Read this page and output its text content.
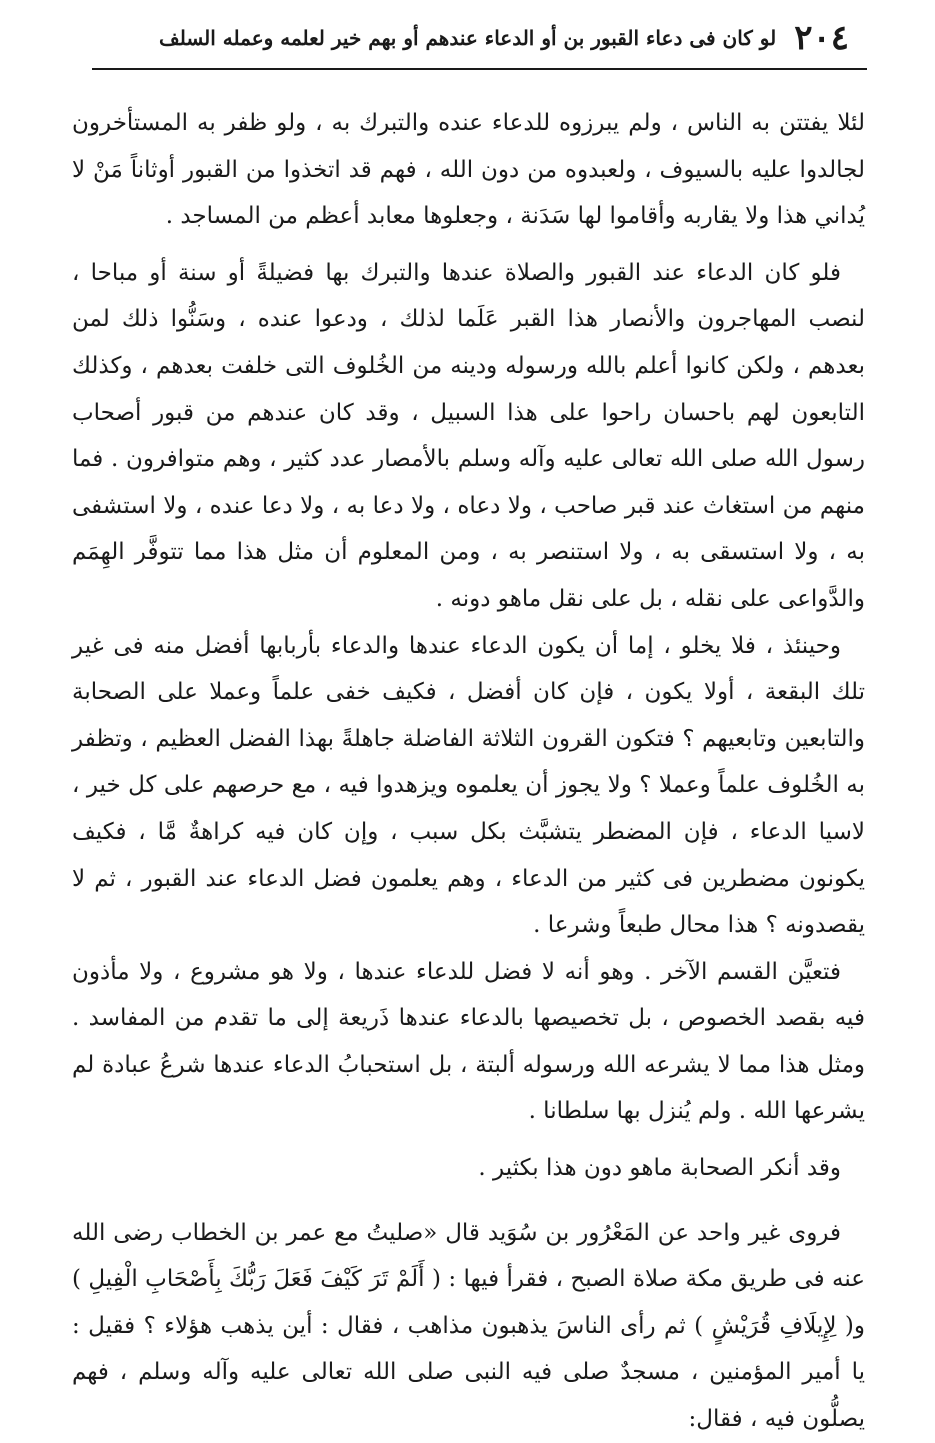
٢٠٤
لو كان فى دعاء القبور بن أو الدعاء عندهم أو بهم خير لعلمه وعمله السلف

لئلا يفتتن به الناس ، ولم يبرزوه للدعاء عنده والتبرك به ، ولو ظفر به المستأخرون لجالدوا عليه بالسيوف ، ولعبدوه من دون الله ، فهم قد اتخذوا من القبور أوثاناً مَنْ لا يُداني هذا ولا يقاربه وأقاموا لها سَدَنة ، وجعلوها معابد أعظم من المساجد .

فلو كان الدعاء عند القبور والصلاة عندها والتبرك بها فضيلةً أو سنة أو مباحا ، لنصب المهاجرون والأنصار هذا القبر عَلَما لذلك ، ودعوا عنده ، وسَنُّوا ذلك لمن بعدهم ، ولكن كانوا أعلم بالله ورسوله ودينه من الخُلوف التى خلفت بعدهم ، وكذلك التابعون لهم باحسان راحوا على هذا السبيل ، وقد كان عندهم من قبور أصحاب رسول الله صلى الله تعالى عليه وآله وسلم بالأمصار عدد كثير ، وهم متوافرون . فما منهم من استغاث عند قبر صاحب ، ولا دعاه ، ولا دعا به ، ولا دعا عنده ، ولا استشفى به ، ولا استسقى به ، ولا استنصر به ، ومن المعلوم أن مثل هذا مما تتوفَّر الهِمَم والدَّواعى على نقله ، بل على نقل ماهو دونه .

وحينئذ ، فلا يخلو ، إما أن يكون الدعاء عندها والدعاء بأربابها أفضل منه فى غير تلك البقعة ، أولا يكون ، فإن كان أفضل ، فكيف خفى علماً وعملا على الصحابة والتابعين وتابعيهم ؟ فتكون القرون الثلاثة الفاضلة جاهلةً بهذا الفضل العظيم ، وتظفر به الخُلوف علماً وعملا ؟ ولا يجوز أن يعلموه ويزهدوا فيه ، مع حرصهم على كل خير ، لاسيا الدعاء ، فإن المضطر يتشبَّث بكل سبب ، وإن كان فيه كراهةٌ مَّا ، فكيف يكونون مضطرين فى كثير من الدعاء ، وهم يعلمون فضل الدعاء عند القبور ، ثم لا يقصدونه ؟ هذا محال طبعاً وشرعا .

فتعيَّن القسم الآخر . وهو أنه لا فضل للدعاء عندها ، ولا هو مشروع ، ولا مأذون فيه بقصد الخصوص ، بل تخصيصها بالدعاء عندها ذَريعة إلى ما تقدم من المفاسد . ومثل هذا مما لا يشرعه الله ورسوله ألبتة ، بل استحبابُ الدعاء عندها شرعُ عبادة لم يشرعها الله . ولم يُنزل بها سلطانا .

وقد أنكر الصحابة ماهو دون هذا بكثير .

فروى غير واحد عن المَعْرُور بن سُوَيد قال «صليتُ مع عمر بن الخطاب رضى الله عنه فى طريق مكة صلاة الصبح ، فقرأ فيها : ( أَلَمْ تَرَ كَيْفَ فَعَلَ رَبُّكَ بِأَصْحَابِ الْفِيلِ ) و( لِإِيلَافِ قُرَيْشٍ ) ثم رأى الناسَ يذهبون مذاهب ، فقال : أين يذهب هؤلاء ؟ فقيل : يا أمير المؤمنين ، مسجدٌ صلى فيه النبى صلى الله تعالى عليه وآله وسلم ، فهم يصلُّون فيه ، فقال:
